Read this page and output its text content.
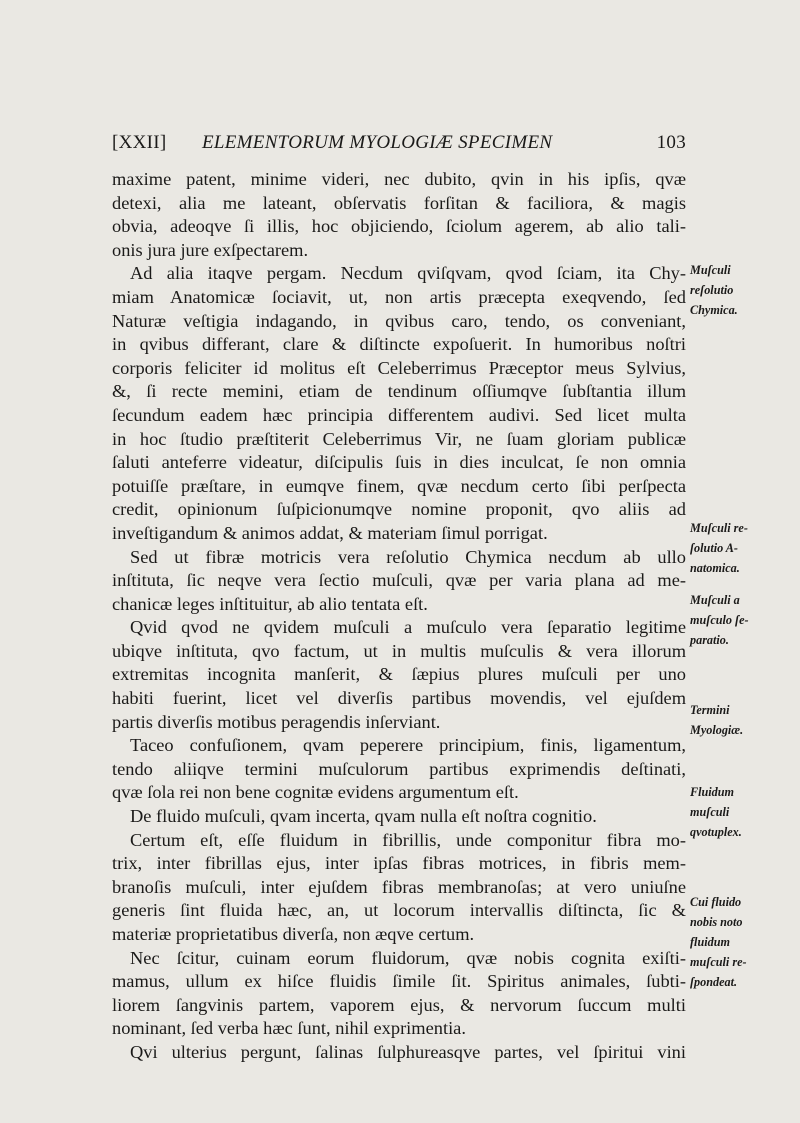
[XXII] ELEMENTORUM MYOLOGIÆ SPECIMEN	103
maxime patent, minime videri, nec dubito, qvin in his ipſis, qvæ
detexi, alia me lateant, obſervatis forſitan & faciliora, & magis
obvia, adeoqve ſi illis, hoc objiciendo, ſciolum agerem, ab alio tali-
onis jura jure exſpectarem.
Ad alia itaqve pergam. Necdum qviſqvam, qvod ſciam, ita Chy-
miam Anatomicæ ſociavit, ut, non artis præcepta exeqvendo, ſed
Naturæ veſtigia indagando, in qvibus caro, tendo, os conveniant,
in qvibus differant, clare & diſtincte expoſuerit. In humoribus noſtri
corporis feliciter id molitus eſt Celeberrimus Præceptor meus Sylvius,
&, ſi recte memini, etiam de tendinum oſſiumqve ſubſtantia illum
ſecundum eadem hæc principia differentem audivi. Sed licet multa
in hoc ſtudio præſtiterit Celeberrimus Vir, ne ſuam gloriam publicæ
ſaluti anteferre videatur, diſcipulis ſuis in dies inculcat, ſe non omnia
potuiſſe præſtare, in eumqve finem, qvæ necdum certo ſibi perſpecta
credit, opinionum ſuſpicionumqve nomine proponit, qvo aliis ad
inveſtigandum & animos addat, & materiam ſimul porrigat.
Sed ut fibræ motricis vera reſolutio Chymica necdum ab ullo
inſtituta, ſic neqve vera ſectio muſculi, qvæ per varia plana ad me-
chanicæ leges inſtituitur, ab alio tentata eſt.
Qvid qvod ne qvidem muſculi a muſculo vera ſeparatio legitime
ubiqve inſtituta, qvo factum, ut in multis muſculis & vera illorum
extremitas incognita manſerit, & ſæpius plures muſculi per uno
habiti fuerint, licet vel diverſis partibus movendis, vel ejuſdem
partis diverſis motibus peragendis inſerviant.
Taceo confuſionem, qvam peperere principium, finis, ligamentum,
tendo aliiqve termini muſculorum partibus exprimendis deſtinati,
qvæ ſola rei non bene cognitæ evidens argumentum eſt.
De fluido muſculi, qvam incerta, qvam nulla eſt noſtra cognitio.
Certum eſt, eſſe fluidum in fibrillis, unde componitur fibra mo-
trix, inter fibrillas ejus, inter ipſas fibras motrices, in fibris mem-
branoſis muſculi, inter ejuſdem fibras membranoſas; at vero uniuſne
generis ſint fluida hæc, an, ut locorum intervallis diſtincta, ſic &
materiæ proprietatibus diverſa, non æqve certum.
Nec ſcitur, cuinam eorum fluidorum, qvæ nobis cognita exiſti-
mamus, ullum ex hiſce fluidis ſimile ſit. Spiritus animales, ſubti-
liorem ſangvinis partem, vaporem ejus, & nervorum ſuccum multi
nominant, ſed verba hæc ſunt, nihil exprimentia.
Qvi ulterius pergunt, ſalinas ſulphureasqve partes, vel ſpiritui vini
Muſculi
reſolutio
Chymica.
Muſculi re-
ſolutio A-
natomica.
Muſculi a
muſculo ſe-
paratio.
Termini
Myologiæ.
Fluidum
muſculi
qvotuplex.
Cui fluido
nobis noto
fluidum
muſculi re-
ſpondeat.
